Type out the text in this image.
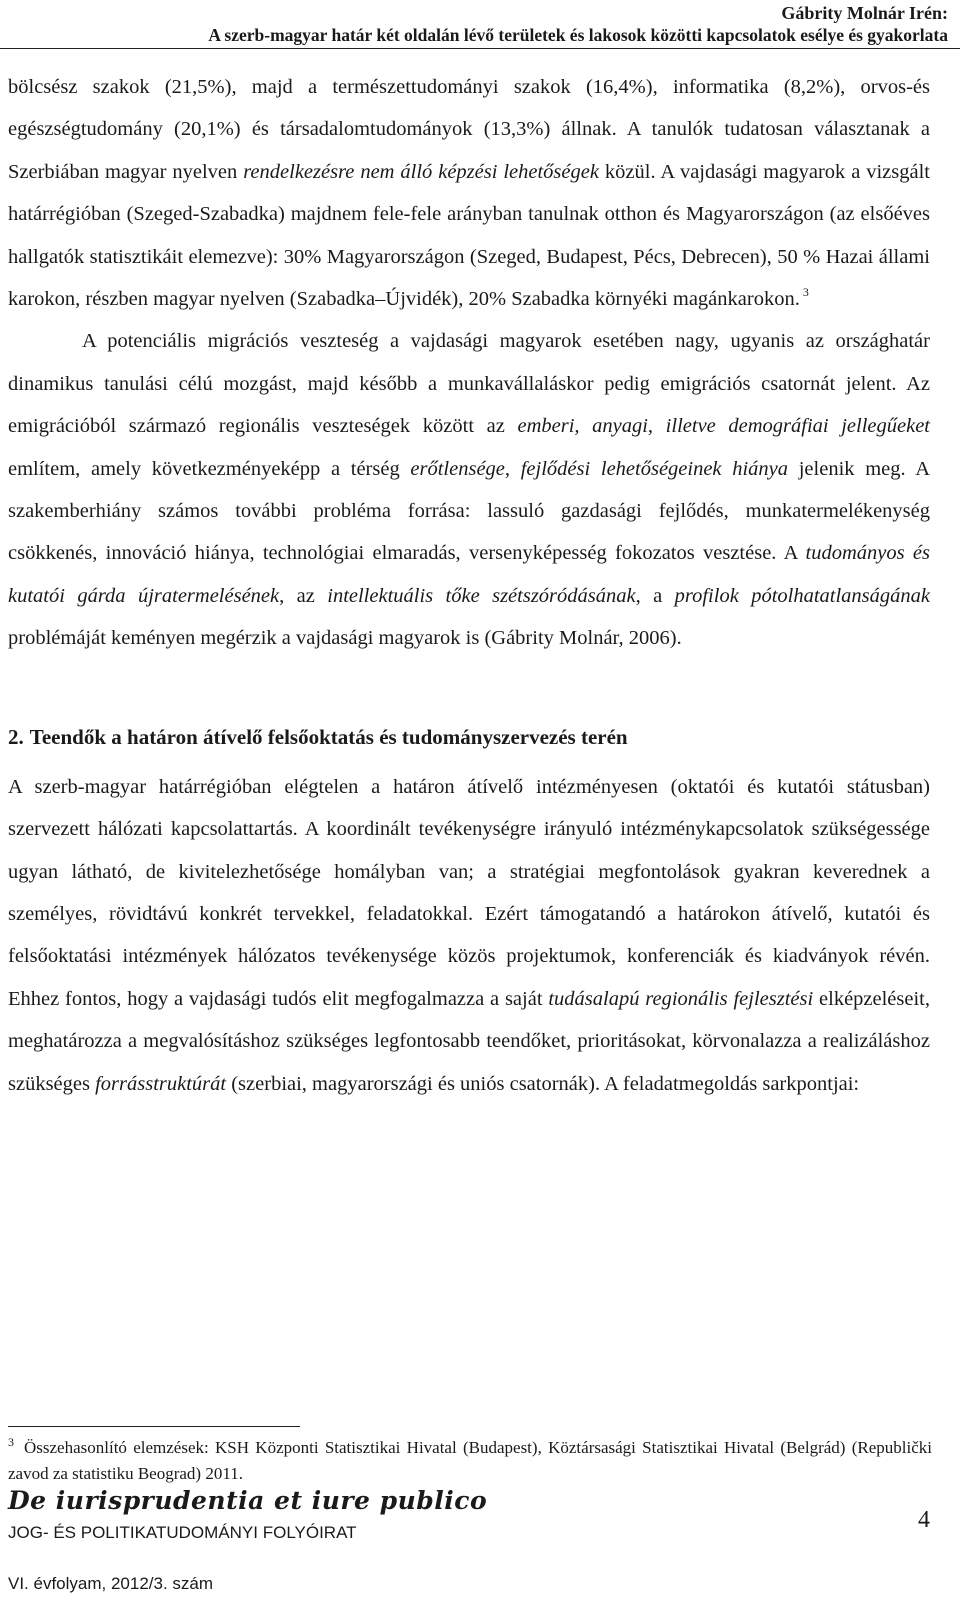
Gábrity Molnár Irén:
A szerb-magyar határ két oldalán lévő területek és lakosok közötti kapcsolatok esélye és gyakorlata

bölcsész szakok (21,5%), majd a természettudományi szakok (16,4%), informatika (8,2%), orvos-és egészségtudomány (20,1%) és társadalomtudományok (13,3%) állnak. A tanulók tudatosan választanak a Szerbiában magyar nyelven rendelkezésre nem álló képzési lehetőségek közül. A vajdasági magyarok a vizsgált határrégióban (Szeged-Szabadka) majdnem fele-fele arányban tanulnak otthon és Magyarországon (az elsőéves hallgatók statisztikáit elemezve): 30% Magyarországon (Szeged, Budapest, Pécs, Debrecen), 50 % Hazai állami karokon, részben magyar nyelven (Szabadka–Újvidék), 20% Szabadka környéki magánkarokon. $^3$

A potenciális migrációs veszteség a vajdasági magyarok esetében nagy, ugyanis az országhatár dinamikus tanulási célú mozgást, majd később a munkavállaláskor pedig emigrációs csatornát jelent. Az emigrációból származó regionális veszteségek között az emberi, anyagi, illetve demográfiai jellegűeket említem, amely következményeképp a térség erőtlensége, fejlődési lehetőségeinek hiánya jelenik meg. A szakemberhiány számos további probléma forrása: lassuló gazdasági fejlődés, munkatermelékenység csökkenés, innováció hiánya, technológiai elmaradás, versenyképesség fokozatos vesztése. A tudományos és kutatói gárda újratermelésének, az intellektuális tőke szétszóródásának, a profilok pótolhatatlanságának problémáját keményen megérzik a vajdasági magyarok is (Gábrity Molnár, 2006).

2. Teendők a határon átívelő felsőoktatás és tudományszervezés terén

A szerb-magyar határrégióban elégtelen a határon átívelő intézményesen (oktatói és kutatói státusban) szervezett hálózati kapcsolattartás. A koordinált tevékenységre irányuló intézménykapcsolatok szükségessége ugyan látható, de kivitelezhetősége homályban van; a stratégiai megfontolások gyakran keverednek a személyes, rövidtávú konkrét tervekkel, feladatokkal. Ezért támogatandó a határokon átívelő, kutatói és felsőoktatási intézmények hálózatos tevékenysége közös projektumok, konferenciák és kiadványok révén. Ehhez fontos, hogy a vajdasági tudós elit megfogalmazza a saját tudásalapú regionális fejlesztési elképzeléseit, meghatározza a megvalósításhoz szükséges legfontosabb teendőket, prioritásokat, körvonalazza a realizáláshoz szükséges forrásstruktúrát (szerbiai, magyarországi és uniós csatornák). A feladatmegoldás sarkpontjai:

$^3$ Összehasonlító elemzések: KSH Központi Statisztikai Hivatal (Budapest), Köztársasági Statisztikai Hivatal (Belgrád) (Republički zavod za statistiku Beograd) 2011.
De iurisprudentia et iure publico
JOG- ÉS POLITIKATUDOMÁNYI FOLYÓIRAT
VI. évfolyam, 2012/3. szám
4
